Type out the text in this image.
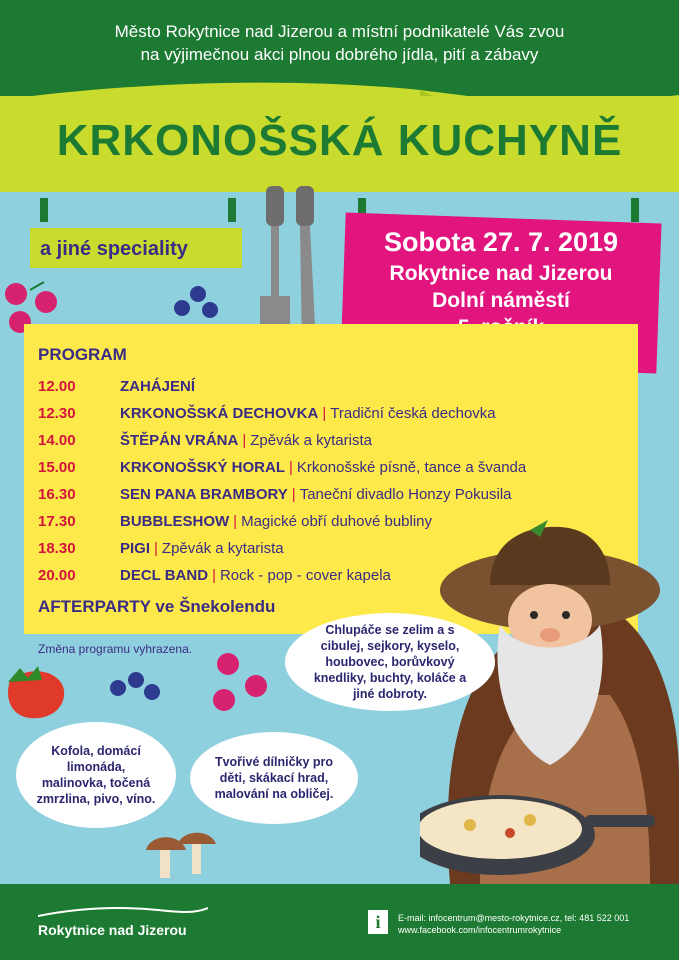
Město Rokytnice nad Jizerou a místní podnikatelé Vás zvou
na výjimečnou akci plnou dobrého jídla, pití a zábavy
KRKONOŠSKÁ KUCHYNĚ
a jiné speciality	Sobota 27. 7. 2019
Rokytnice nad Jizerou
Dolní náměstí
PROGRAM
12.00	ZAHÁJENÍ
12.30	KRKONOŠSKÁ DECHOVKA | Tradiční česká dechovka
14.00	ŠTĚPÁN VRÁNA | Zpěvák a kytarista
15.00	KRKONOŠSKÝ HORAL | Krkonošské písně, tance a švanda
16.30	SEN PANA BRAMBORY | Taneční divadlo Honzy Pokusila
17.30	BUBBLESHOW | Magické obří duhové bubliny
18.30	PIGI | Zpěvák a kytarista
20.00	DECL BAND | Rock - pop - cover kapela
AFTERPARTY ve Šnekolendu
Změna programu vyhrazena.
Chlupáče se zelim a s cibulej, sejkory, kyselo, houbovec, borůvkový knedliky, buchty, koláče a jiné dobroty.
Kofola, domácí limonáda, malinovka, točená zmrzlina, pivo, víno.
Tvořivé dílničky pro děti, skákací hrad, malování na obličej.
Rokytnice nad Jizerou	i	E-mail: infocentrum@mesto-rokytnice.cz, tel: 481 522 001
www.facebook.com/infocentrumrokytnice
